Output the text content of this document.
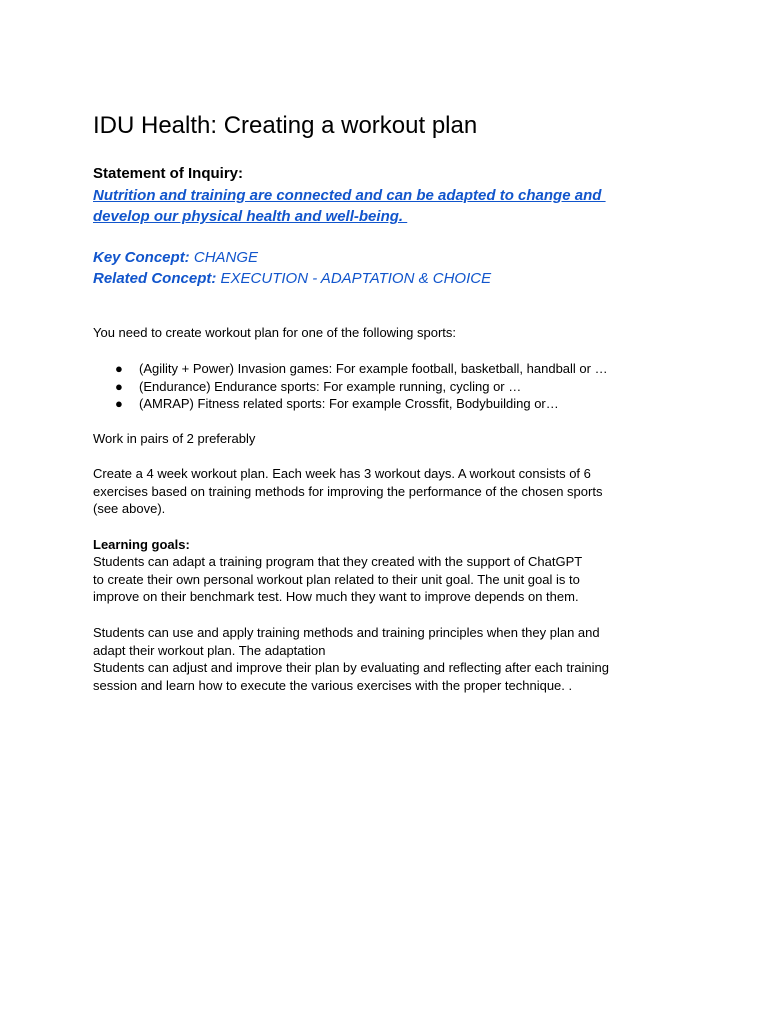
IDU Health: Creating a workout plan
Statement of Inquiry:
Nutrition and training are connected and can be adapted to change and
develop our physical health and well-being.
Key Concept: CHANGE
Related Concept: EXECUTION - ADAPTATION & CHOICE
You need to create workout plan for one of the following sports:
● (Agility + Power) Invasion games: For example football, basketball, handball or …
● (Endurance) Endurance sports: For example running, cycling or …
● (AMRAP) Fitness related sports: For example Crossfit, Bodybuilding or…
Work in pairs of 2 preferably
Create a 4 week workout plan. Each week has 3 workout days. A workout consists of 6
exercises based on training methods for improving the performance of the chosen sports
(see above).
Learning goals:
Students can adapt a training program that they created with the support of ChatGPT
to create their own personal workout plan related to their unit goal. The unit goal is to
improve on their benchmark test. How much they want to improve depends on them.
Students can use and apply training methods and training principles when they plan and
adapt their workout plan. The adaptation
Students can adjust and improve their plan by evaluating and reflecting after each training
session and learn how to execute the various exercises with the proper technique. .
